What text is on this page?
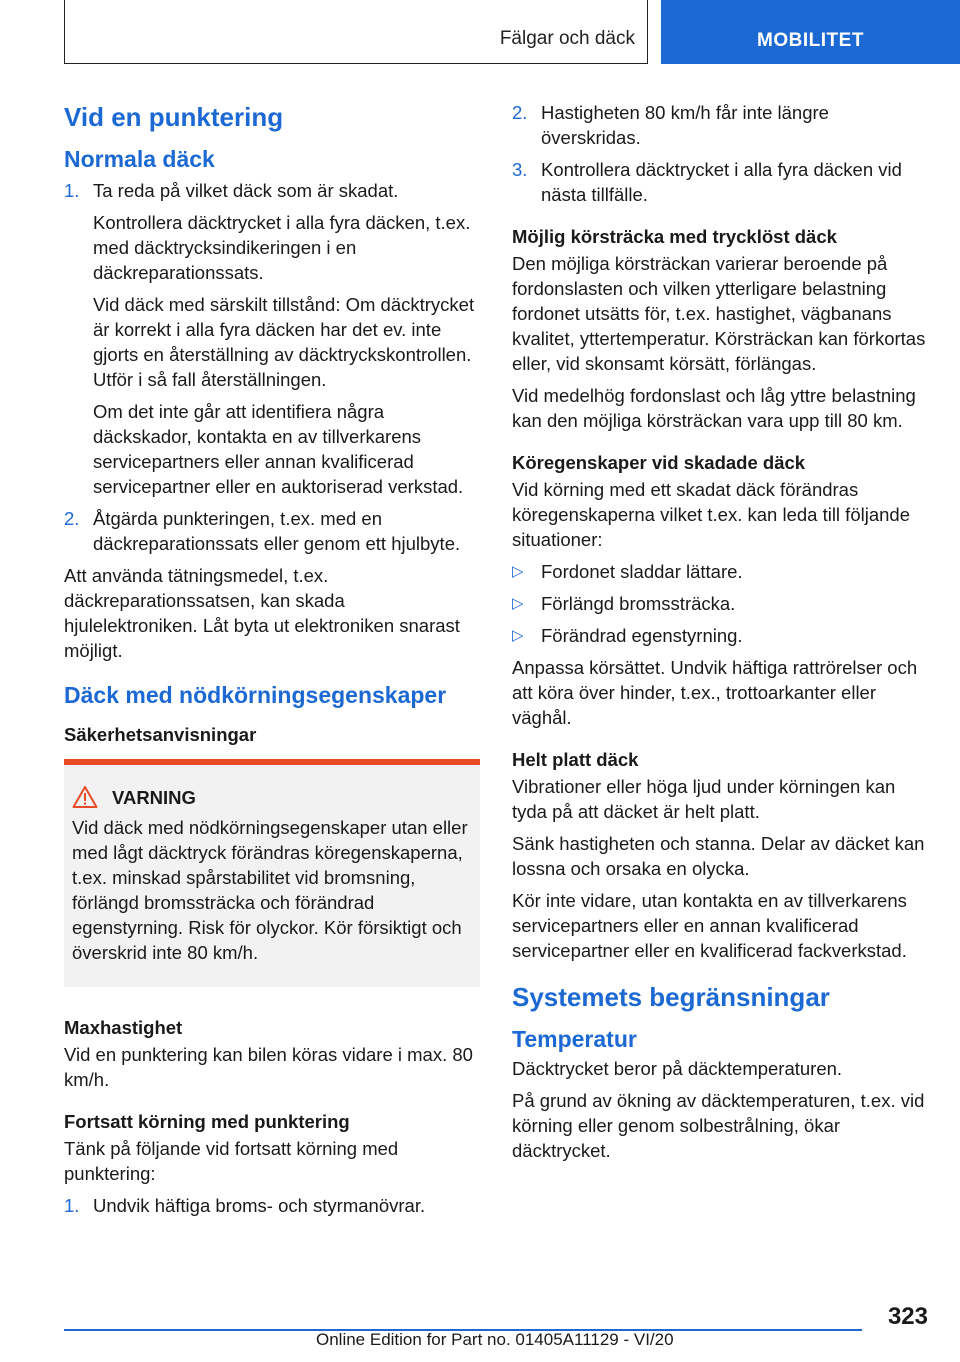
Fälgar och däck	MOBILITET
Vid en punktering
Normala däck
1. Ta reda på vilket däck som är skadat.

Kontrollera däcktrycket i alla fyra däcken, t.ex. med däcktrycksindikeringen i en däckreparationssats.

Vid däck med särskilt tillstånd: Om däcktrycket är korrekt i alla fyra däcken har det ev. inte gjorts en återställning av däcktryckskontrollen. Utför i så fall återställningen.

Om det inte går att identifiera några däckskador, kontakta en av tillverkarens servicepartners eller annan kvalificerad servicepartner eller en auktoriserad verkstad.

2. Åtgärda punkteringen, t.ex. med en däckreparationssats eller genom ett hjulbyte.

Att använda tätningsmedel, t.ex. däckreparationssatsen, kan skada hjulelektroniken. Låt byta ut elektroniken snarast möjligt.

Däck med nödkörningsegenskaper
Säkerhetsanvisningar
VARNING

Vid däck med nödkörningsegenskaper utan eller med lågt däcktryck förändras köregenskaperna, t.ex. minskad spårstabilitet vid bromsning, förlängd bromssträcka och förändrad egenstyrning. Risk för olyckor. Kör försiktigt och överskrid inte 80 km/h.

Maxhastighet

Vid en punktering kan bilen köras vidare i max. 80 km/h.

Fortsatt körning med punktering

Tänk på följande vid fortsatt körning med punktering:

1. Undvik häftiga broms- och styrmanövrar.

2. Hastigheten 80 km/h får inte längre överskridas.

3. Kontrollera däcktrycket i alla fyra däcken vid nästa tillfälle.

Möjlig körsträcka med trycklöst däck

Den möjliga körsträckan varierar beroende på fordonslasten och vilken ytterligare belastning fordonet utsätts för, t.ex. hastighet, vägbanans kvalitet, yttertemperatur. Körsträckan kan förkortas eller, vid skonsamt körsätt, förlängas.

Vid medelhög fordonslast och låg yttre belastning kan den möjliga körsträckan vara upp till 80 km.

Köregenskaper vid skadade däck

Vid körning med ett skadat däck förändras köregenskaperna vilket t.ex. kan leda till följande situationer:

▷ Fordonet sladdar lättare.
▷ Förlängd bromssträcka.
▷ Förändrad egenstyrning.

Anpassa körsättet. Undvik häftiga rattrörelser och att köra över hinder, t.ex., trottoarkanter eller väghål.

Helt platt däck

Vibrationer eller höga ljud under körningen kan tyda på att däcket är helt platt.

Sänk hastigheten och stanna. Delar av däcket kan lossna och orsaka en olycka.

Kör inte vidare, utan kontakta en av tillverkarens servicepartners eller en annan kvalificerad servicepartner eller en kvalificerad fackverkstad.

Systemets begränsningar
Temperatur

Däcktrycket beror på däcktemperaturen.

På grund av ökning av däcktemperaturen, t.ex. vid körning eller genom solbestrålning, ökar däcktrycket.

323
Online Edition for Part no. 01405A11129 - VI/20
